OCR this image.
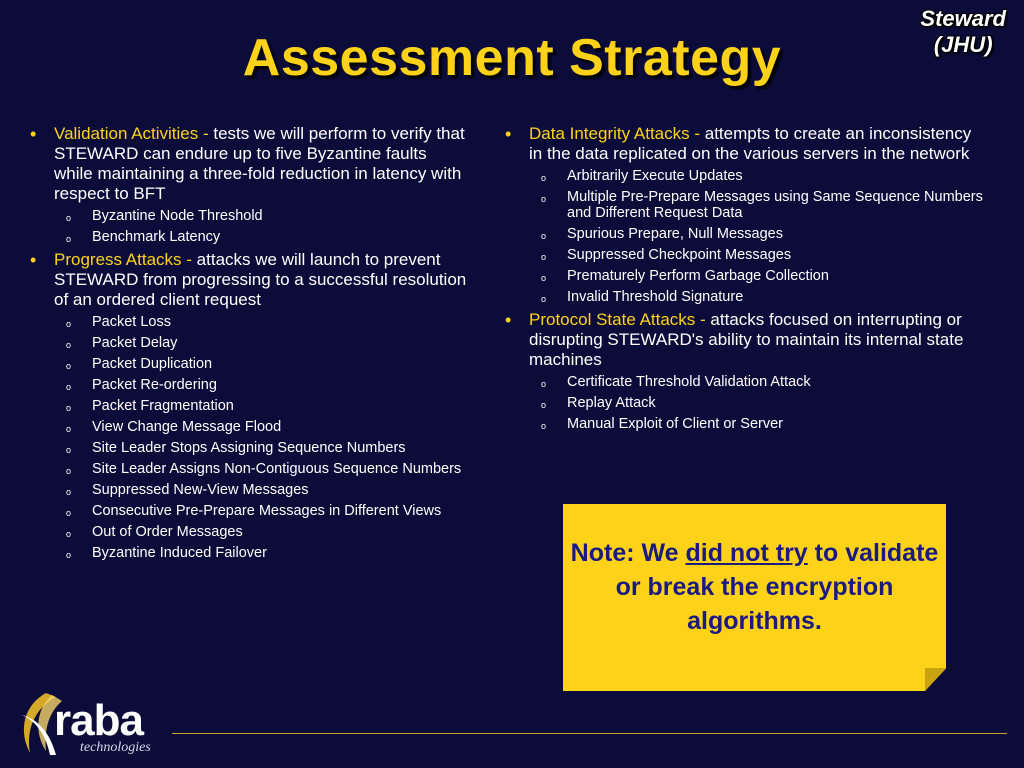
Assessment Strategy
Steward
(JHU)
• Validation Activities - tests we will perform to verify that STEWARD can endure up to five Byzantine faults while maintaining a three-fold reduction in latency with respect to BFT
o Byzantine Node Threshold
o Benchmark Latency
• Progress Attacks - attacks we will launch to prevent STEWARD from progressing to a successful resolution of an ordered client request
o Packet Loss
o Packet Delay
o Packet Duplication
o Packet Re-ordering
o Packet Fragmentation
o View Change Message Flood
o Site Leader Stops Assigning Sequence Numbers
o Site Leader Assigns Non-Contiguous Sequence Numbers
o Suppressed New-View Messages
o Consecutive Pre-Prepare Messages in Different Views
o Out of Order Messages
o Byzantine Induced Failover
• Data Integrity Attacks - attempts to create an inconsistency in the data replicated on the various servers in the network
o Arbitrarily Execute Updates
o Multiple Pre-Prepare Messages using Same Sequence Numbers and Different Request Data
o Spurious Prepare, Null Messages
o Suppressed Checkpoint Messages
o Prematurely Perform Garbage Collection
o Invalid Threshold Signature
• Protocol State Attacks - attacks focused on interrupting or disrupting STEWARD's ability to maintain its internal state machines
o Certificate Threshold Validation Attack
o Replay Attack
o Manual Exploit of Client or Server
Note: We did not try to validate or break the encryption algorithms.
raba
technologies
